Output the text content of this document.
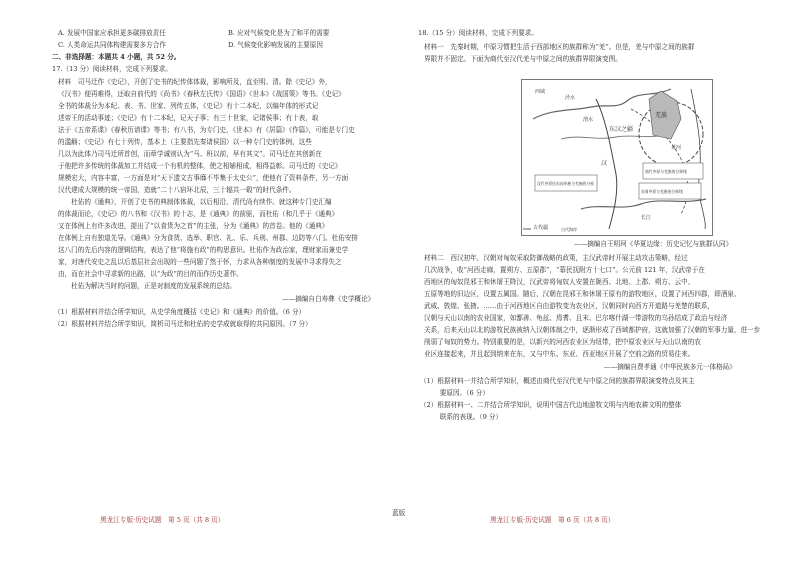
A. 发展中国家应承担更多碳排放责任	B. 应对气候变化是为了和平的需要
C. 人类命运共同体构建需要多方合作	D. 气候变化影响发展的主要原因
二、非选择题：本题共 4 小题，共 52 分。
17.（13 分）阅读材料，完成下列要求。
材料　司马迁作《史记》，开创了史书的纪传体体裁，影响所及，直至明、清。除《史记》外，
《汉书》便再难得，还取自前代的《尚书》《春秋左氏传》《国语》《世本》《战国策》等书。《史记》
全书的体裁分为本纪、表、书、世家、列传五体，《史记》有十二本纪，以编年体的形式记
述帝王的活动事迹；《史记》有十二本纪，记天子事；有三十世家，记诸侯事；有十表，取
法于《五帝系谍》《春秋历谱谍》等书；有八书，为专门史，《世本》有《居篇》《作篇》，可能是专门史
的滥觞；《史记》有七十列传，基本上（主要指先秦诸侯国）以一种专门史的体例，这些
几以为此体乃司马迁所首创，而章学诚则认为“马、班以前，早有其文”。司马迁在其创新在
于他把许多传统的体裁加工并结成一个有机的整体，使之相辅相成，相得益彰。司马迁的《史记》
规模宏大，内容丰富，一方面是对“天下遗文古事靡不毕集于太史公”，使他有了资料条件，另一方面
汉代建成大规模的统一帝国，造就“二十八宿环北辰，三十辐共一毂”的时代条件。
　　杜佑的《通典》，开创了史书的典制体体裁，以后相沿，清代尚有续作。就这种专门史汇编
的体裁而论，《史记》的八书和《汉书》的十志，是《通典》的前驱，而杜佑（和几乎于《通典》
又在体例上有许多改进，提出了“以食货为之首”的主张，分为《通典》的首卷。他的《通典》
在体例上自有独道先导。《通典》分为食货、选举、职官、礼、乐、兵刑、州郡、边防等八门。杜佑安排
这八门的先后内容的逻辑结构，表达了他“将施有政”的构思意识。杜佑作为政治家，理财家而兼史学
家，对唐代安史之乱以后基层社会出现的一些问题了然于怀，力求从各种制度的发展中寻求得失之
由，而在社会中寻求新的出路，以“为政”的目的而作历史著作。
　　杜佑为解决当时的问题，正是对制度的发展系统的总结。
——摘编自白寿彝《史学概论》
（1）根据材料并结合所学知识，从史学角度概括《史记》和《通典》的价值。（6 分）
（2）根据材料并结合所学知识，简析司马迁和杜佑的史学成就取得的共同原因。（7 分）
黑龙江专版·历史试题　第 5 页（共 8 页）
蓝版
18.（15 分）阅读材料，完成下列要求。
材料一　先秦时期，中原习惯把生活于西部地区的族群称为“羌”。但是，羌与中原之间的族群
界限并不固定。下面为商代至汉代羌与中原之间的族群界限演变图。
西域
泾水
渭水
东汉之疆
汉
羌族
黄河
长江
古代疆
汉代中原往东向华族与羌族的分界
商代中原与羌族的分界线
东周中原与羌族的分界线
古代海岸
——摘编自王明珂《华夏边缘：历史记忆与族群认同》
材料二　西汉初年，汉朝对匈奴采取防御战略的政策，主汉武帝时开展主动攻击策略，经过
几次战争，收“河西走廊，置朔方、五原郡”，“幕民抚附方十七口”。公元前 121 年，汉武帝于在
西地区的匈奴昆邪王和休屠王降汉，汉武帝将匈奴人安置在陇西、北地、上郡、朔方、云中、
五原等地的旧边区，设置五属国。随后，汉朝在昆邪王和休屠王原有的游牧地区，设置了河西四郡，即酒泉、
武威、敦煌、张掖。……由于河西地区自由游牧变为农业区，汉朝同时向西方开道路与羌楚的联系，
汉朝与天山以南的农业国家，如鄯善、龟兹、焉耆、且末、巴尔喀什湖一带游牧的乌孙结成了政治与经济
关系，后来天山以北的游牧民族被纳入汉朝体制之中，逐渐形成了西域都护府，这就加强了汉朝的军事力量，进一步
削弱了匈奴的势力。特别重要的是，以新兴的河西农业区为纽带，把中原农业区与天山以南的农
业区连接起来，并且起到纳来在东，又与中东、东亚、西亚地区开展了空前之路的贸易往来。
——摘编自费孝通《中华民族多元一体格局》
（1）根据材料一并结合所学知识，概述由商代至汉代羌与中原之间的族群界限演变特点及其主
　　　要原因。（6 分）
（2）根据材料一、二并结合所学知识，说明中国古代边地游牧文明与内地农耕文明的整体
　　　联系的表现。（9 分）
黑龙江专版·历史试题　第 6 页（共 8 页）
